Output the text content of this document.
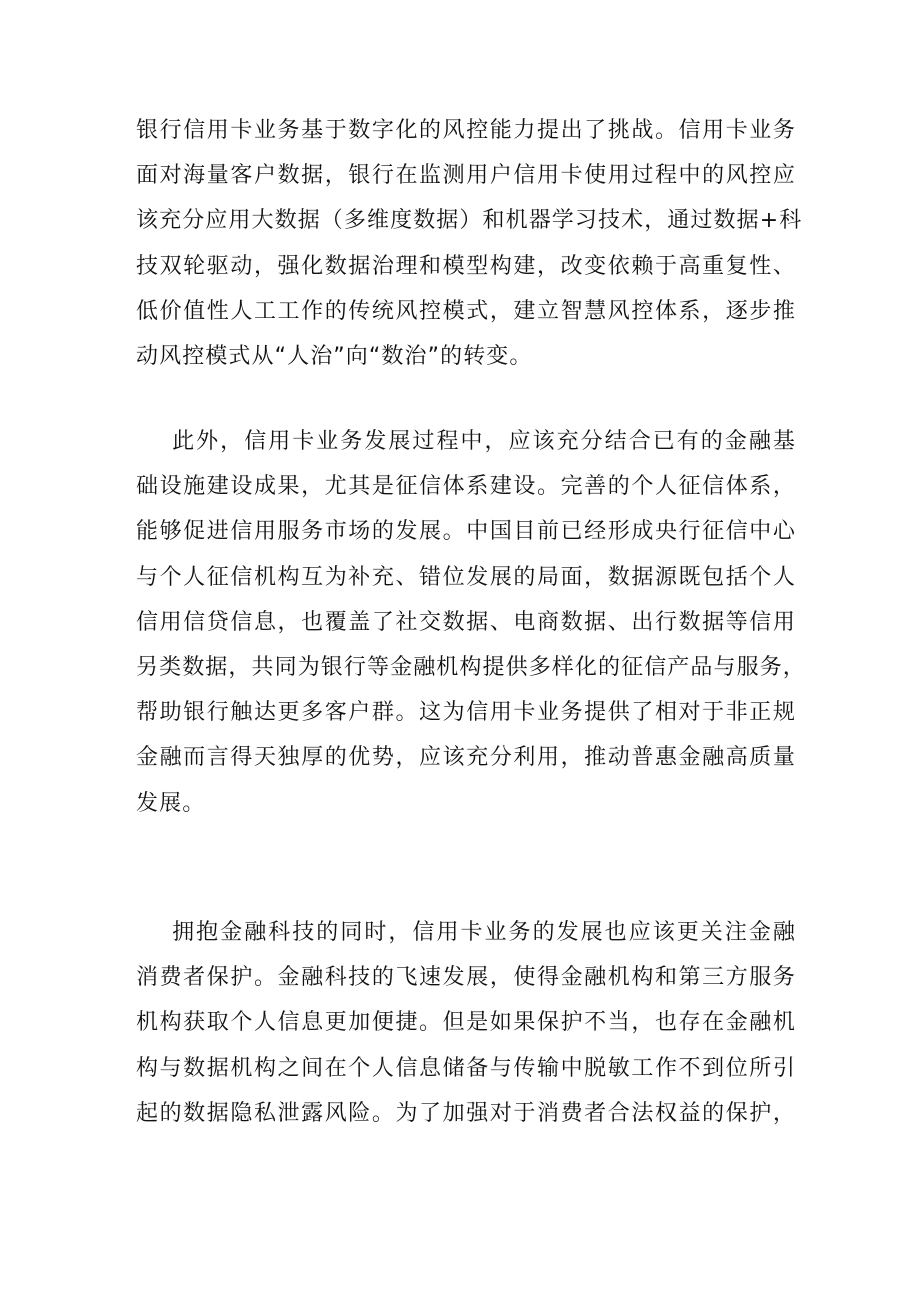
银行信用卡业务基于数字化的风控能力提出了挑战。信用卡业务
面对海量客户数据，银行在监测用户信用卡使用过程中的风控应
该充分应用大数据（多维度数据）和机器学习技术，通过数据+科
技双轮驱动，强化数据治理和模型构建，改变依赖于高重复性、
低价值性人工工作的传统风控模式，建立智慧风控体系，逐步推
动风控模式从“人治”向“数治”的转变。
此外，信用卡业务发展过程中，应该充分结合已有的金融基
础设施建设成果，尤其是征信体系建设。完善的个人征信体系，
能够促进信用服务市场的发展。中国目前已经形成央行征信中心
与个人征信机构互为补充、错位发展的局面，数据源既包括个人
信用信贷信息，也覆盖了社交数据、电商数据、出行数据等信用
另类数据，共同为银行等金融机构提供多样化的征信产品与服务，
帮助银行触达更多客户群。这为信用卡业务提供了相对于非正规
金融而言得天独厚的优势，应该充分利用，推动普惠金融高质量
发展。
拥抱金融科技的同时，信用卡业务的发展也应该更关注金融
消费者保护。金融科技的飞速发展，使得金融机构和第三方服务
机构获取个人信息更加便捷。但是如果保护不当，也存在金融机
构与数据机构之间在个人信息储备与传输中脱敏工作不到位所引
起的数据隐私泄露风险。为了加强对于消费者合法权益的保护，
